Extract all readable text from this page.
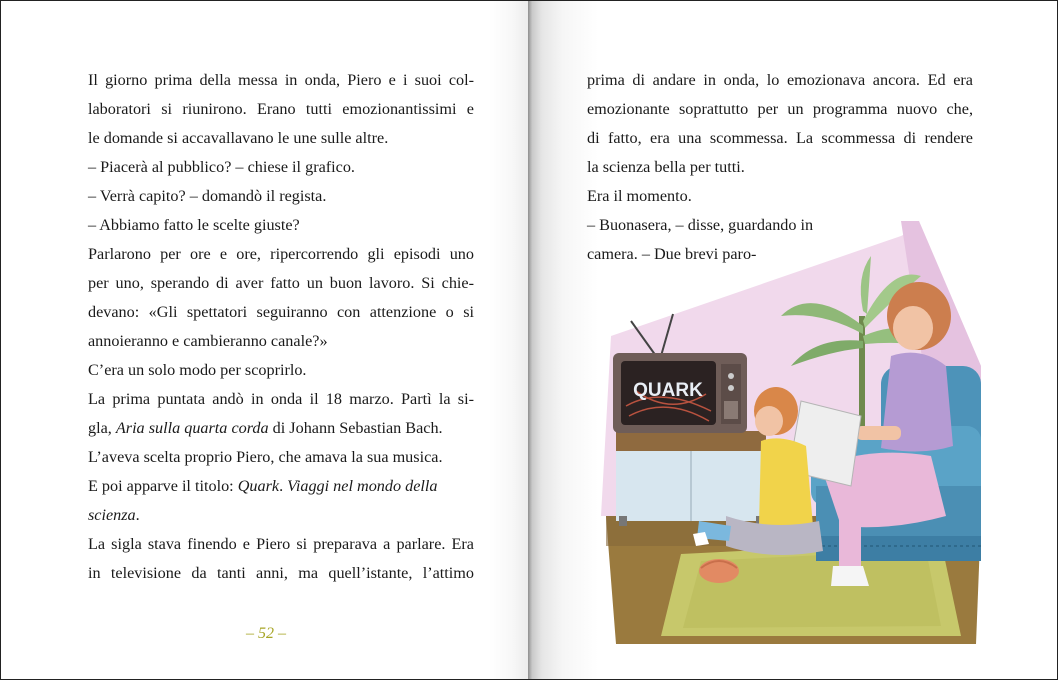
Il giorno prima della messa in onda, Piero e i suoi col-
laboratori si riunirono. Erano tutti emozionantissimi e
le domande si accavallavano le une sulle altre.
– Piacerà al pubblico? – chiese il grafico.
– Verrà capito? – domandò il regista.
– Abbiamo fatto le scelte giuste?
Parlarono per ore e ore, ripercorrendo gli episodi uno
per uno, sperando di aver fatto un buon lavoro. Si chie-
devano: «Gli spettatori seguiranno con attenzione o si
annoieranno e cambieranno canale?»
C’era un solo modo per scoprirlo.
La prima puntata andò in onda il 18 marzo. Partì la si-
gla, Aria sulla quarta corda di Johann Sebastian Bach.
L’aveva scelta proprio Piero, che amava la sua musica.
E poi apparve il titolo: Quark. Viaggi nel mondo della
scienza.
La sigla stava finendo e Piero si preparava a parlare. Era
in televisione da tanti anni, ma quell’istante, l’attimo
– 52 –
prima di andare in onda, lo emozionava ancora. Ed era
emozionante soprattutto per un programma nuovo che,
di fatto, era una scommessa. La scommessa di rendere
la scienza bella per tutti.
Era il momento.
– Buonasera, – disse, guardando in
camera. – Due brevi paro-
QUARK
